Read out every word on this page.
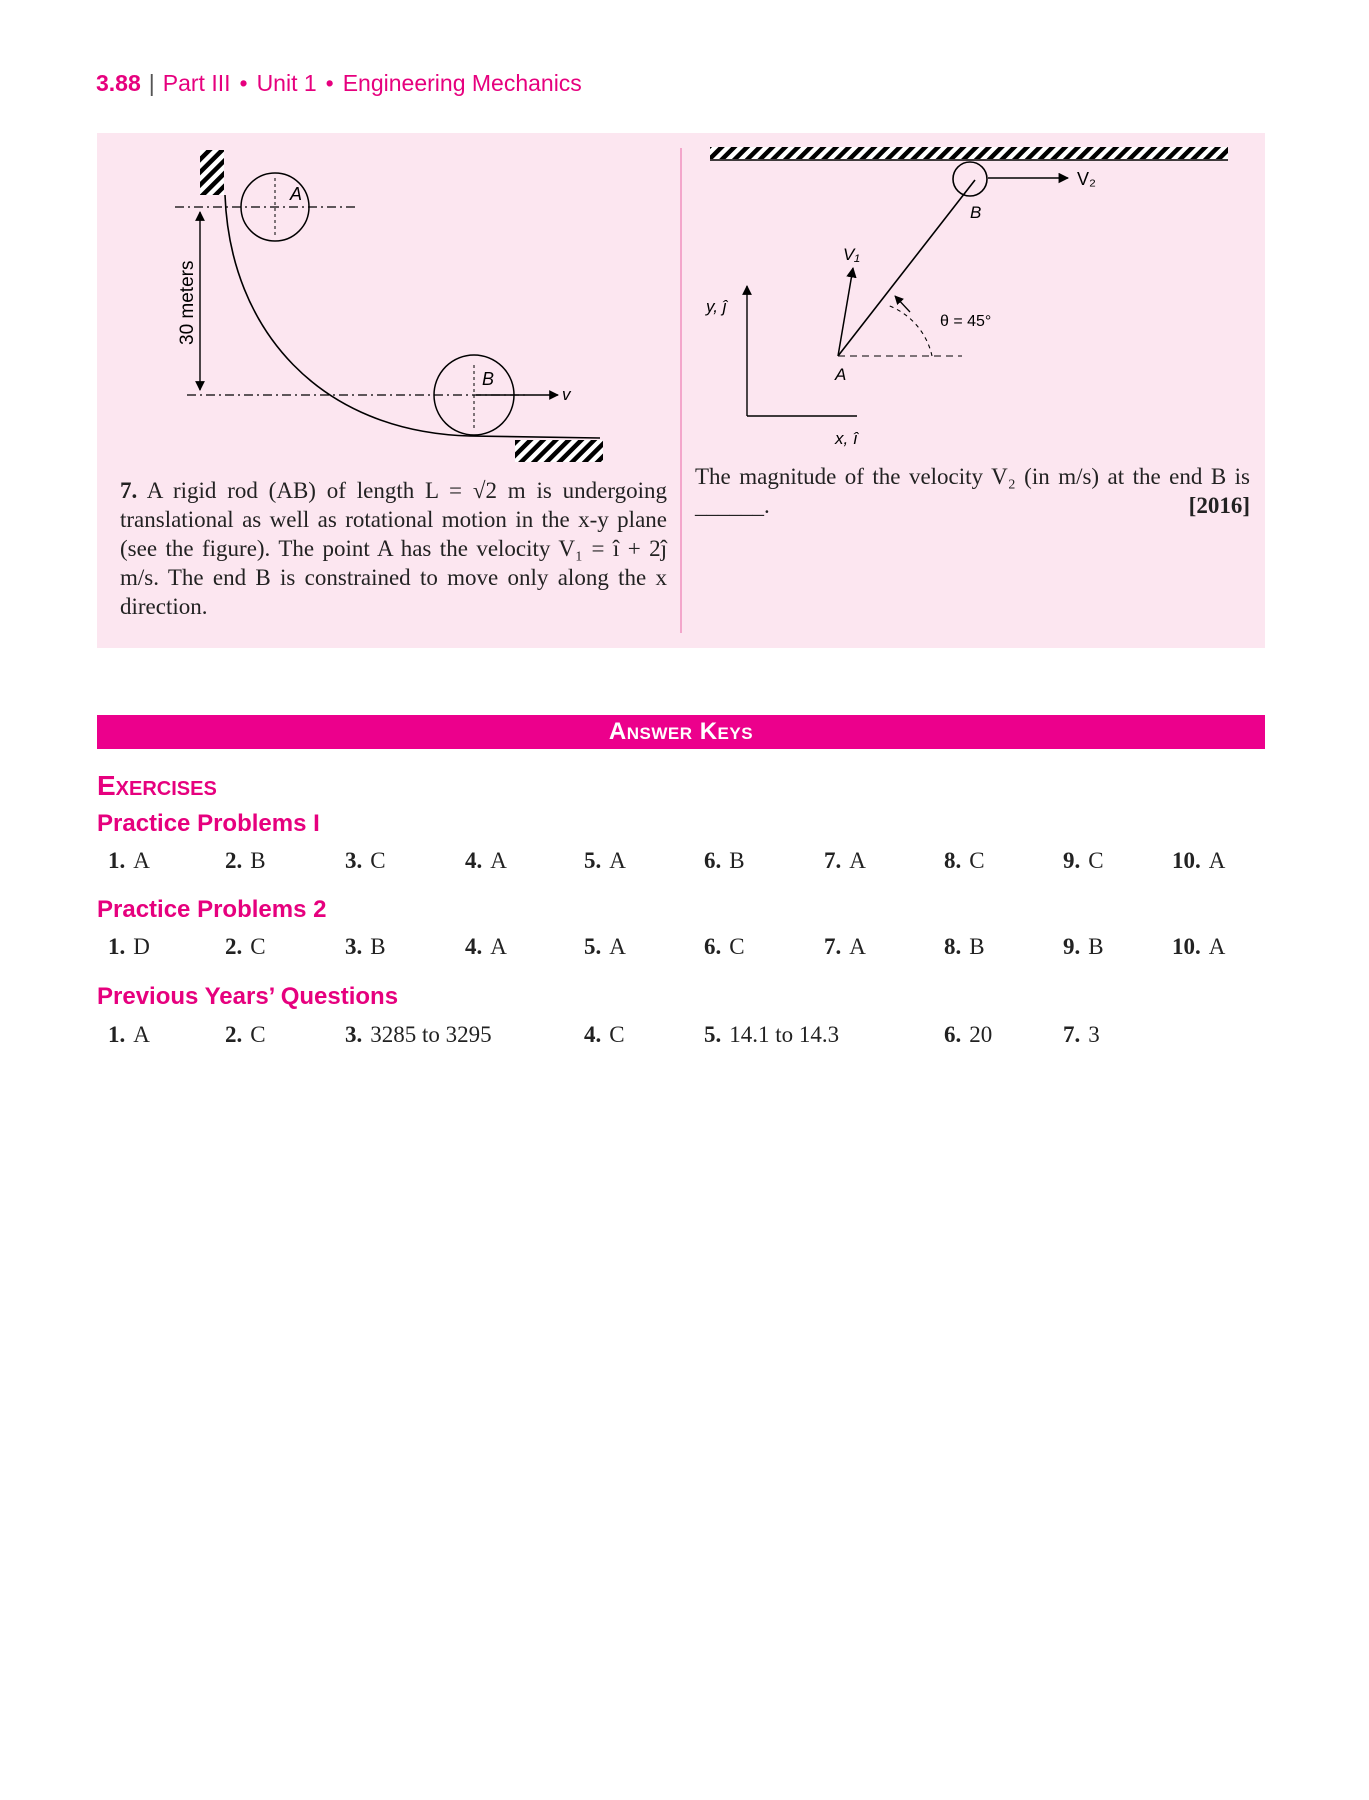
3.88 | Part III • Unit 1 • Engineering Mechanics
A
B
v
30 meters
V₂
B
V₁
θ = 45°
A
y, ĵ
x, î
7. A rigid rod (AB) of length L = √2 m is undergoing translational as well as rotational motion in the x-y plane (see the figure). The point A has the velocity V₁ = î + 2ĵ m/s. The end B is constrained to move only along the x direction.
The magnitude of the velocity V₂ (in m/s) at the end B is ______.	[2016]
Answer Keys
Exercises
Practice Problems I
1. A	2. B	3. C	4. A	5. A	6. B	7. A	8. C	9. C	10. A
Practice Problems 2
1. D	2. C	3. B	4. A	5. A	6. C	7. A	8. B	9. B	10. A
Previous Years’ Questions
1. A	2. C	3. 3285 to 3295	4. C	5. 14.1 to 14.3	6. 20	7. 3
